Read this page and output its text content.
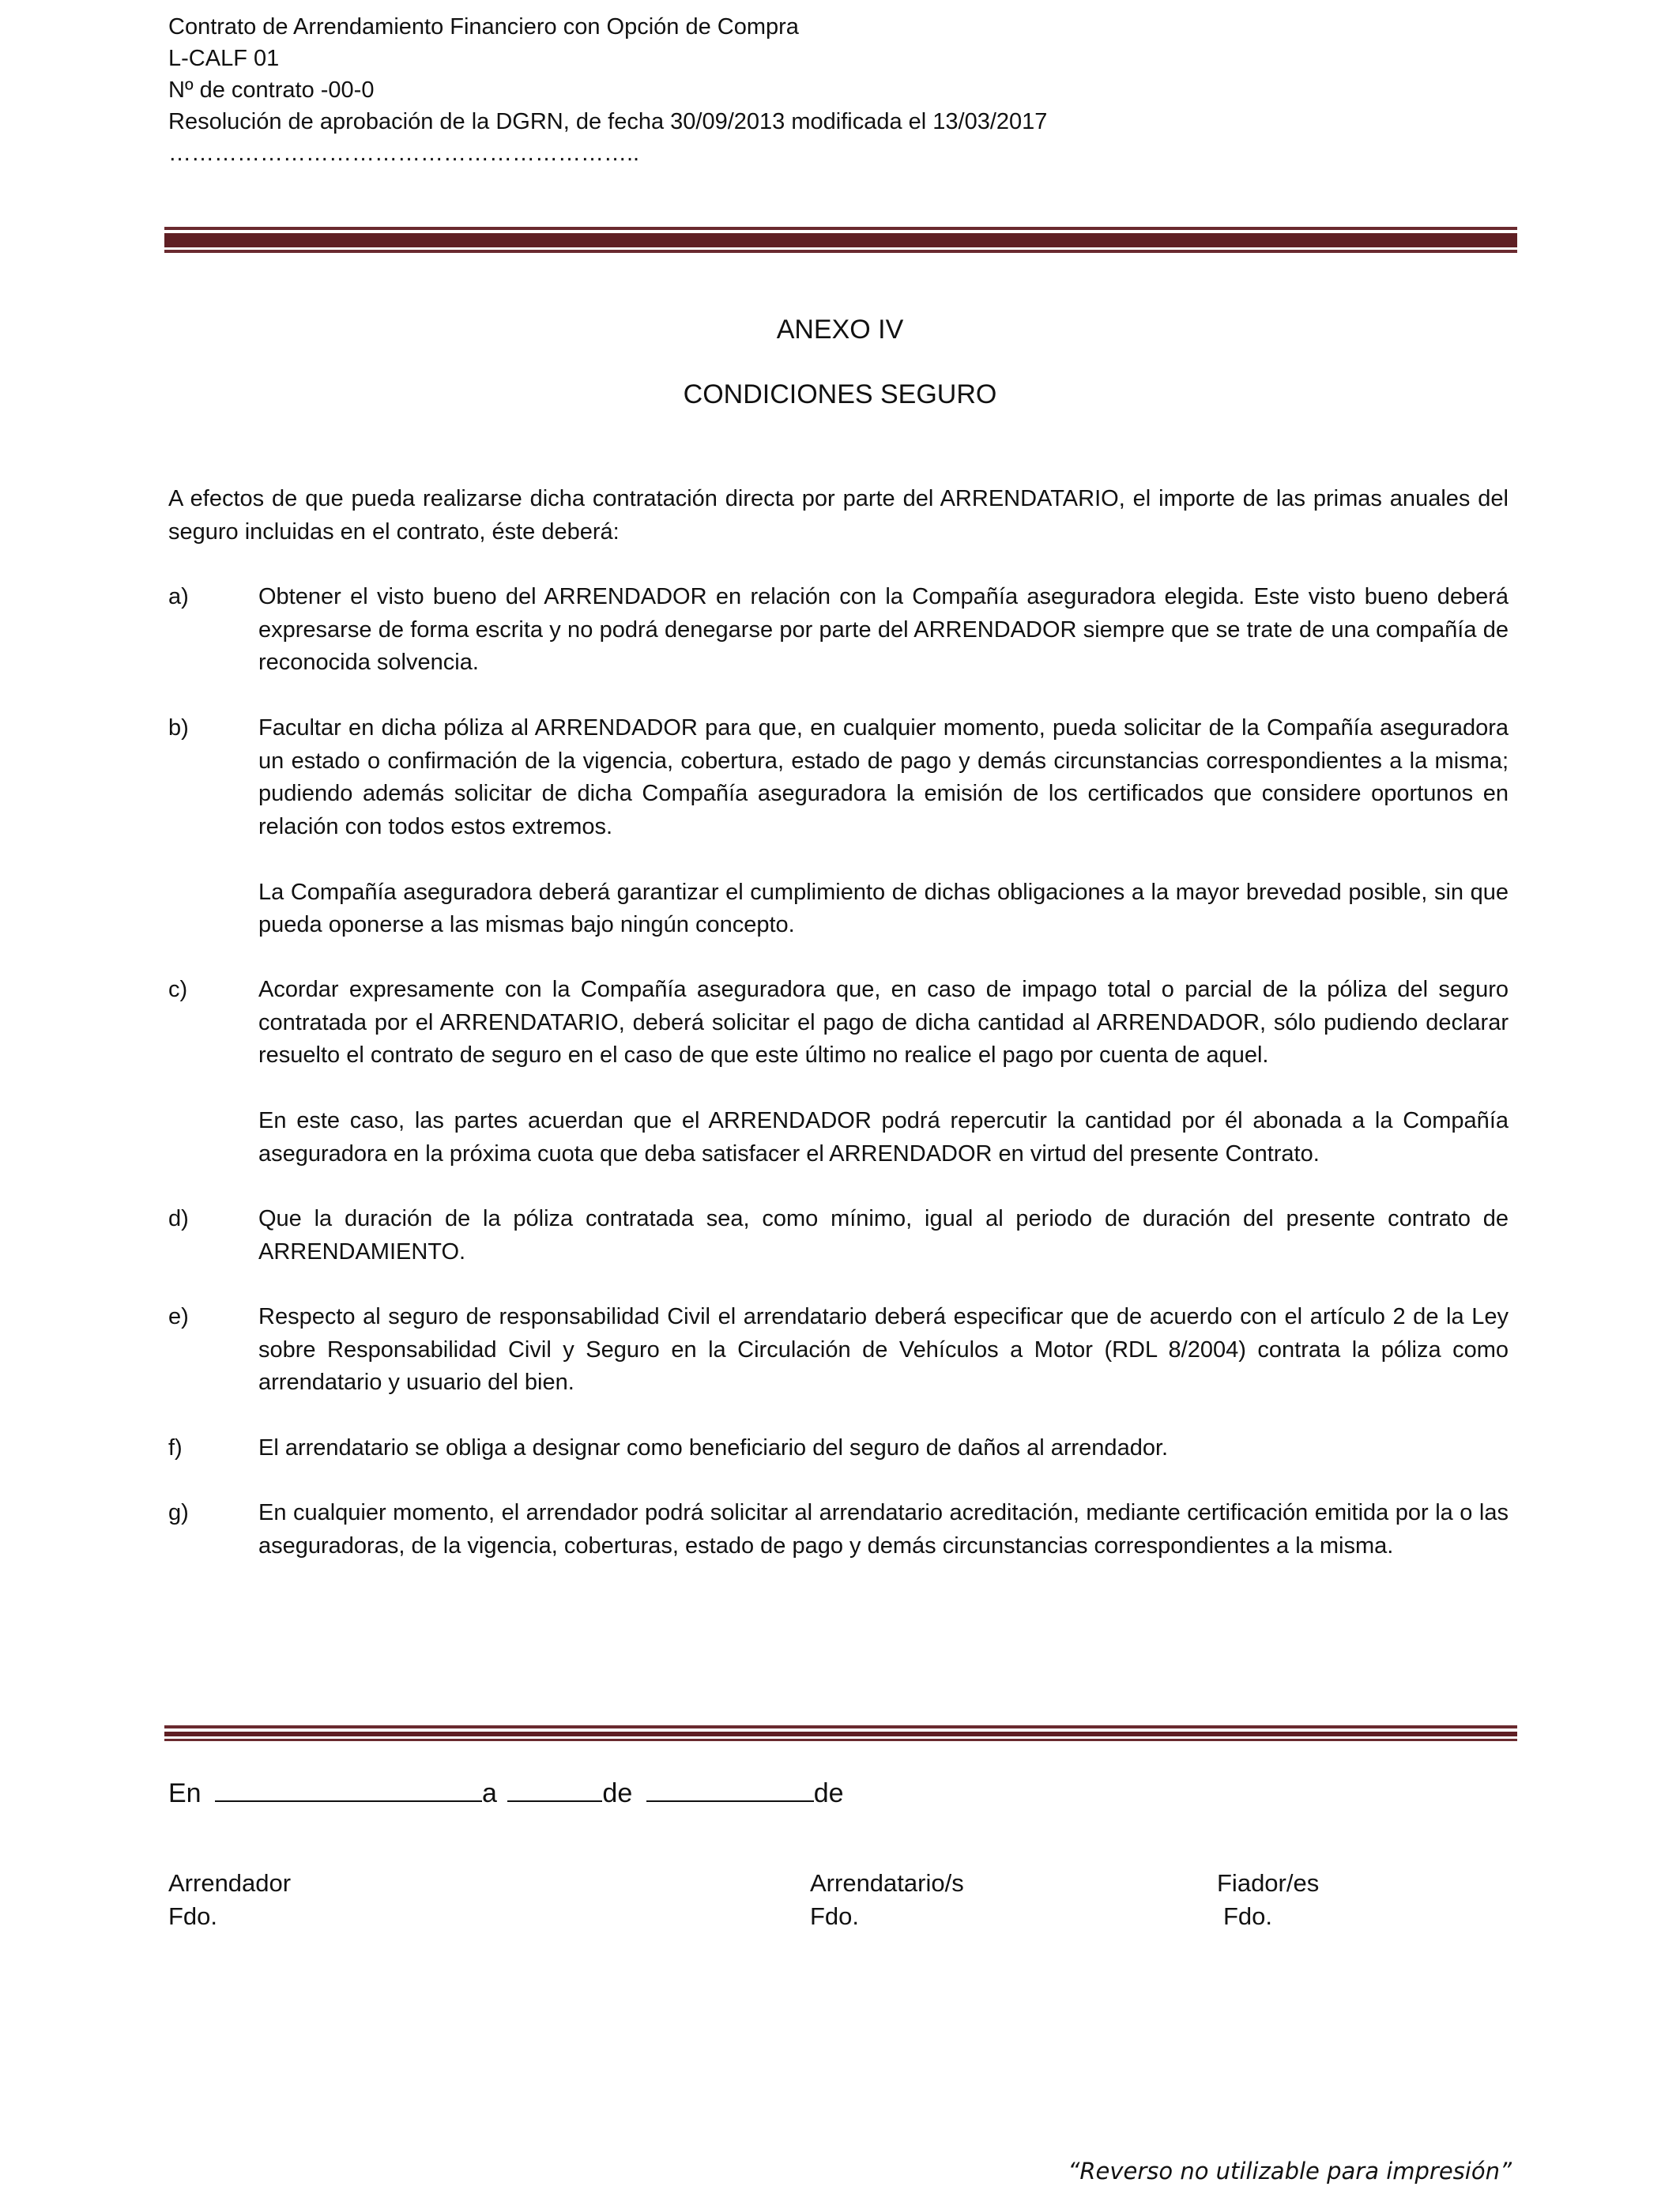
Contrato de Arrendamiento Financiero con Opción de Compra
L-CALF 01
Nº de contrato -00-0
Resolución de aprobación de la DGRN, de fecha 30/09/2013 modificada el 13/03/2017
……………………………………………………..
ANEXO IV
CONDICIONES SEGURO

A efectos de que pueda realizarse dicha contratación directa por parte del ARRENDATARIO, el importe de las primas anuales del seguro incluidas en el contrato, éste deberá:

a)	Obtener el visto bueno del ARRENDADOR en relación con la Compañía aseguradora elegida. Este visto bueno deberá expresarse de forma escrita y no podrá denegarse por parte del ARRENDADOR siempre que se trate de una compañía de reconocida solvencia.

b)	Facultar en dicha póliza al ARRENDADOR para que, en cualquier momento, pueda solicitar de la Compañía aseguradora un estado o confirmación de la vigencia, cobertura, estado de pago y demás circunstancias correspondientes a la misma; pudiendo además solicitar de dicha Compañía aseguradora la emisión de los certificados que considere oportunos en relación con todos estos extremos.

La Compañía aseguradora deberá garantizar el cumplimiento de dichas obligaciones a la mayor brevedad posible, sin que pueda oponerse a las mismas bajo ningún concepto.

c)	Acordar expresamente con la Compañía aseguradora que, en caso de impago total o parcial de la póliza del seguro contratada por el ARRENDATARIO, deberá solicitar el pago de dicha cantidad al ARRENDADOR, sólo pudiendo declarar resuelto el contrato de seguro en el caso de que este último no realice el pago por cuenta de aquel.

En este caso, las partes acuerdan que el ARRENDADOR podrá repercutir la cantidad por él abonada a la Compañía aseguradora en la próxima cuota que deba satisfacer el ARRENDADOR en virtud del presente Contrato.

d)	Que la duración de la póliza contratada sea, como mínimo, igual al periodo de duración del presente contrato de ARRENDAMIENTO.

e)	Respecto al seguro de responsabilidad Civil el arrendatario deberá especificar que de acuerdo con el artículo 2 de la Ley sobre Responsabilidad Civil y Seguro en la Circulación de Vehículos a Motor (RDL 8/2004) contrata la póliza como arrendatario y usuario del bien.

f)	El arrendatario se obliga a designar como beneficiario del seguro de daños al arrendador.

g)	En cualquier momento, el arrendador podrá solicitar al arrendatario acreditación, mediante certificación emitida por la o las aseguradoras, de la vigencia, coberturas, estado de pago y demás circunstancias correspondientes a la misma.

En	a	de	de
Arrendador
Fdo.
Arrendatario/s
Fdo.
Fiador/es
Fdo.
“Reverso no utilizable para impresión”
